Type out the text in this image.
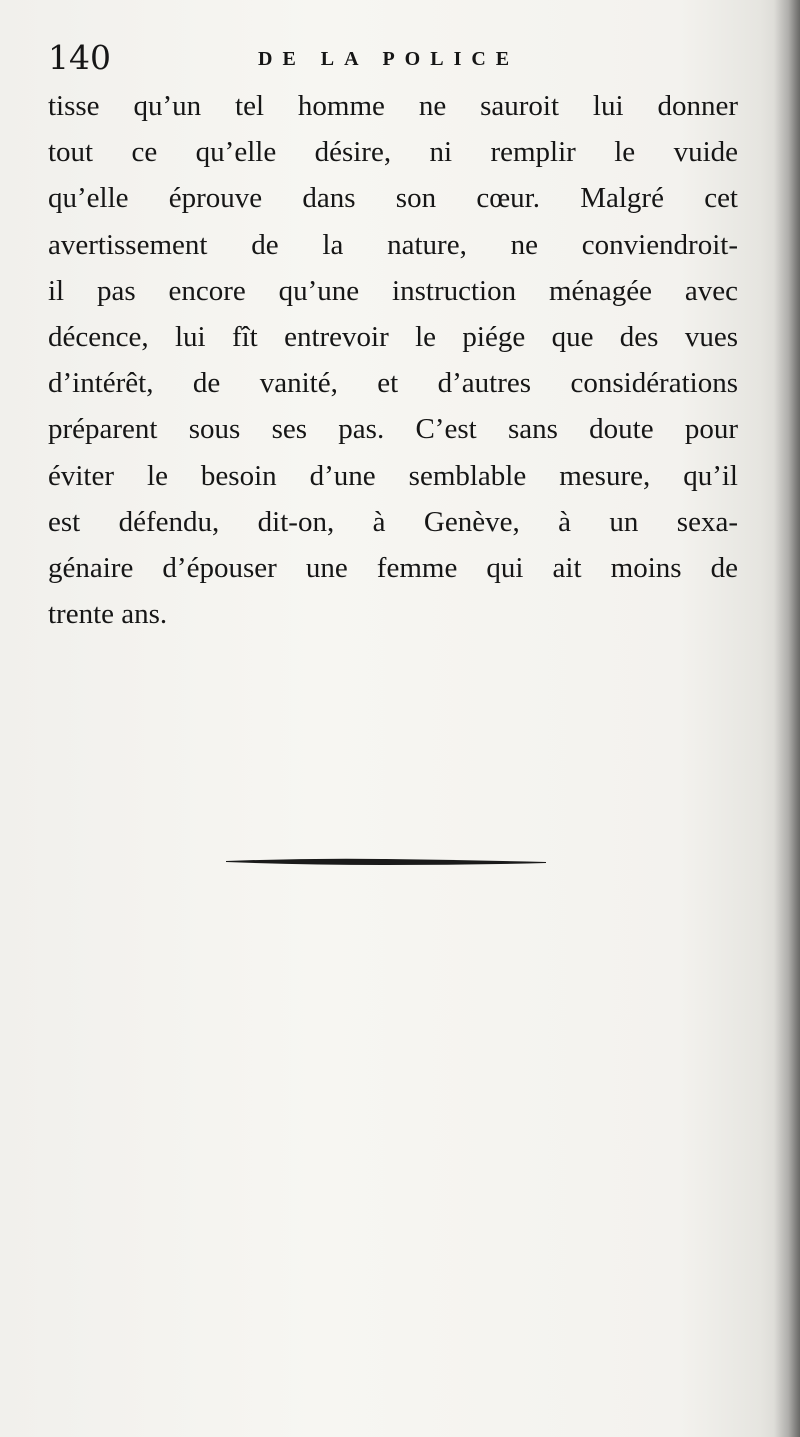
140	DE LA POLICE
tisse qu’un tel homme ne sauroit lui donner
tout ce qu’elle désire, ni remplir le vuide
qu’elle éprouve dans son cœur. Malgré cet
avertissement de la nature, ne conviendroit-
il pas encore qu’une instruction ménagée avec
décence, lui fît entrevoir le piége que des vues
d’intérêt, de vanité, et d’autres considérations
préparent sous ses pas. C’est sans doute pour
éviter le besoin d’une semblable mesure, qu’il
est défendu, dit-on, à Genève, à un sexa-
génaire d’épouser une femme qui ait moins de
trente ans.
